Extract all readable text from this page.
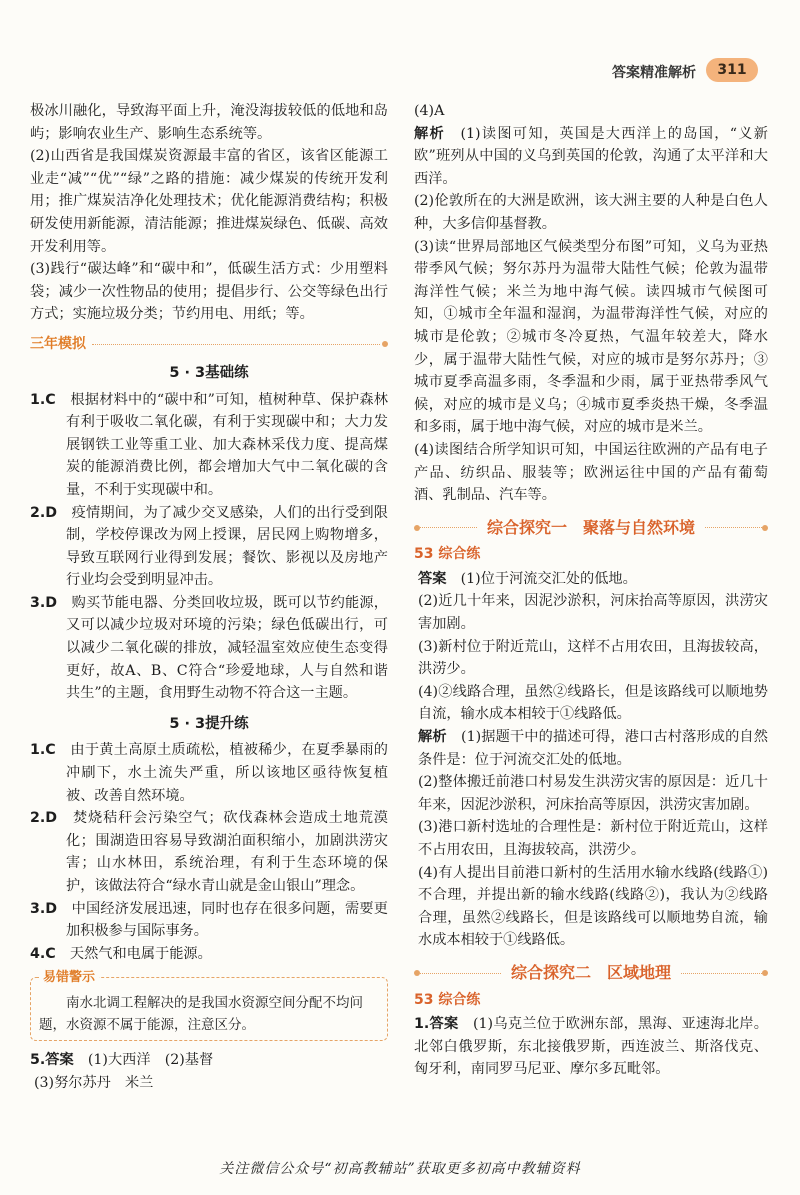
答案精准解析	311
极冰川融化，导致海平面上升，淹没海拔较低的低地和岛屿；影响农业生产、影响生态系统等。
(2)山西省是我国煤炭资源最丰富的省区，该省区能源工业走“减”“优”“绿”之路的措施：减少煤炭的传统开发利用；推广煤炭洁净化处理技术；优化能源消费结构；积极研发使用新能源，清洁能源；推进煤炭绿色、低碳、高效开发利用等。
(3)践行“碳达峰”和“碳中和”，低碳生活方式：少用塑料袋；减少一次性物品的使用；提倡步行、公交等绿色出行方式；实施垃圾分类；节约用电、用纸；等。
三年模拟
5 · 3基础练
1.C　 根据材料中的“碳中和”可知，植树种草、保护森林有利于吸收二氧化碳，有利于实现碳中和；大力发展钢铁工业等重工业、加大森林采伐力度、提高煤炭的能源消费比例，都会增加大气中二氧化碳的含量，不利于实现碳中和。
2.D　 疫情期间，为了减少交叉感染，人们的出行受到限制，学校停课改为网上授课，居民网上购物增多，导致互联网行业得到发展；餐饮、影视以及房地产行业均会受到明显冲击。
3.D　 购买节能电器、分类回收垃圾，既可以节约能源，又可以减少垃圾对环境的污染；绿色低碳出行，可以减少二氧化碳的排放，减轻温室效应使生态变得更好，故A、B、C符合“珍爱地球，人与自然和谐共生”的主题，食用野生动物不符合这一主题。
5 · 3提升练
1.C　 由于黄土高原土质疏松，植被稀少，在夏季暴雨的冲刷下，水土流失严重，所以该地区亟待恢复植被、改善自然环境。
2.D　 焚烧秸秆会污染空气；砍伐森林会造成土地荒漠化；围湖造田容易导致湖泊面积缩小，加剧洪涝灾害；山水林田，系统治理，有利于生态环境的保护，该做法符合“绿水青山就是金山银山”理念。
3.D　 中国经济发展迅速，同时也存在很多问题，需要更加积极参与国际事务。
4.C　 天然气和电属于能源。
易错警示
南水北调工程解决的是我国水资源空间分配不均问题，水资源不属于能源，注意区分。
5.答案　 (1)大西洋　(2)基督
(3)努尔苏丹　米兰
(4)A
解析　 (1)读图可知，英国是大西洋上的岛国，“义新欧”班列从中国的义乌到英国的伦敦，沟通了太平洋和大西洋。
(2)伦敦所在的大洲是欧洲，该大洲主要的人种是白色人种，大多信仰基督教。
(3)读“世界局部地区气候类型分布图”可知，义乌为亚热带季风气候；努尔苏丹为温带大陆性气候；伦敦为温带海洋性气候；米兰为地中海气候。读四城市气候图可知，①城市全年温和湿润，为温带海洋性气候，对应的城市是伦敦；②城市冬冷夏热，气温年较差大，降水少，属于温带大陆性气候，对应的城市是努尔苏丹；③城市夏季高温多雨，冬季温和少雨，属于亚热带季风气候，对应的城市是义乌；④城市夏季炎热干燥，冬季温和多雨，属于地中海气候，对应的城市是米兰。
(4)读图结合所学知识可知，中国运往欧洲的产品有电子产品、纺织品、服装等；欧洲运往中国的产品有葡萄酒、乳制品、汽车等。
综合探究一　聚落与自然环境
53 综合练
答案　 (1)位于河流交汇处的低地。
(2)近几十年来，因泥沙淤积，河床抬高等原因，洪涝灾害加剧。
(3)新村位于附近荒山，这样不占用农田，且海拔较高，洪涝少。
(4)②线路合理，虽然②线路长，但是该路线可以顺地势自流，输水成本相较于①线路低。
解析　 (1)据题干中的描述可得，港口古村落形成的自然条件是：位于河流交汇处的低地。
(2)整体搬迁前港口村易发生洪涝灾害的原因是：近几十年来，因泥沙淤积，河床抬高等原因，洪涝灾害加剧。
(3)港口新村选址的合理性是：新村位于附近荒山，这样不占用农田，且海拔较高，洪涝少。
(4)有人提出目前港口新村的生活用水输水线路(线路①)不合理，并提出新的输水线路(线路②)，我认为②线路合理，虽然②线路长，但是该路线可以顺地势自流，输水成本相较于①线路低。
综合探究二　区域地理
53 综合练
1.答案　 (1)乌克兰位于欧洲东部，黑海、亚速海北岸。北邻白俄罗斯，东北接俄罗斯，西连波兰、斯洛伐克、匈牙利，南同罗马尼亚、摩尔多瓦毗邻。
关注微信公众号“初高教辅站”获取更多初高中教辅资料
